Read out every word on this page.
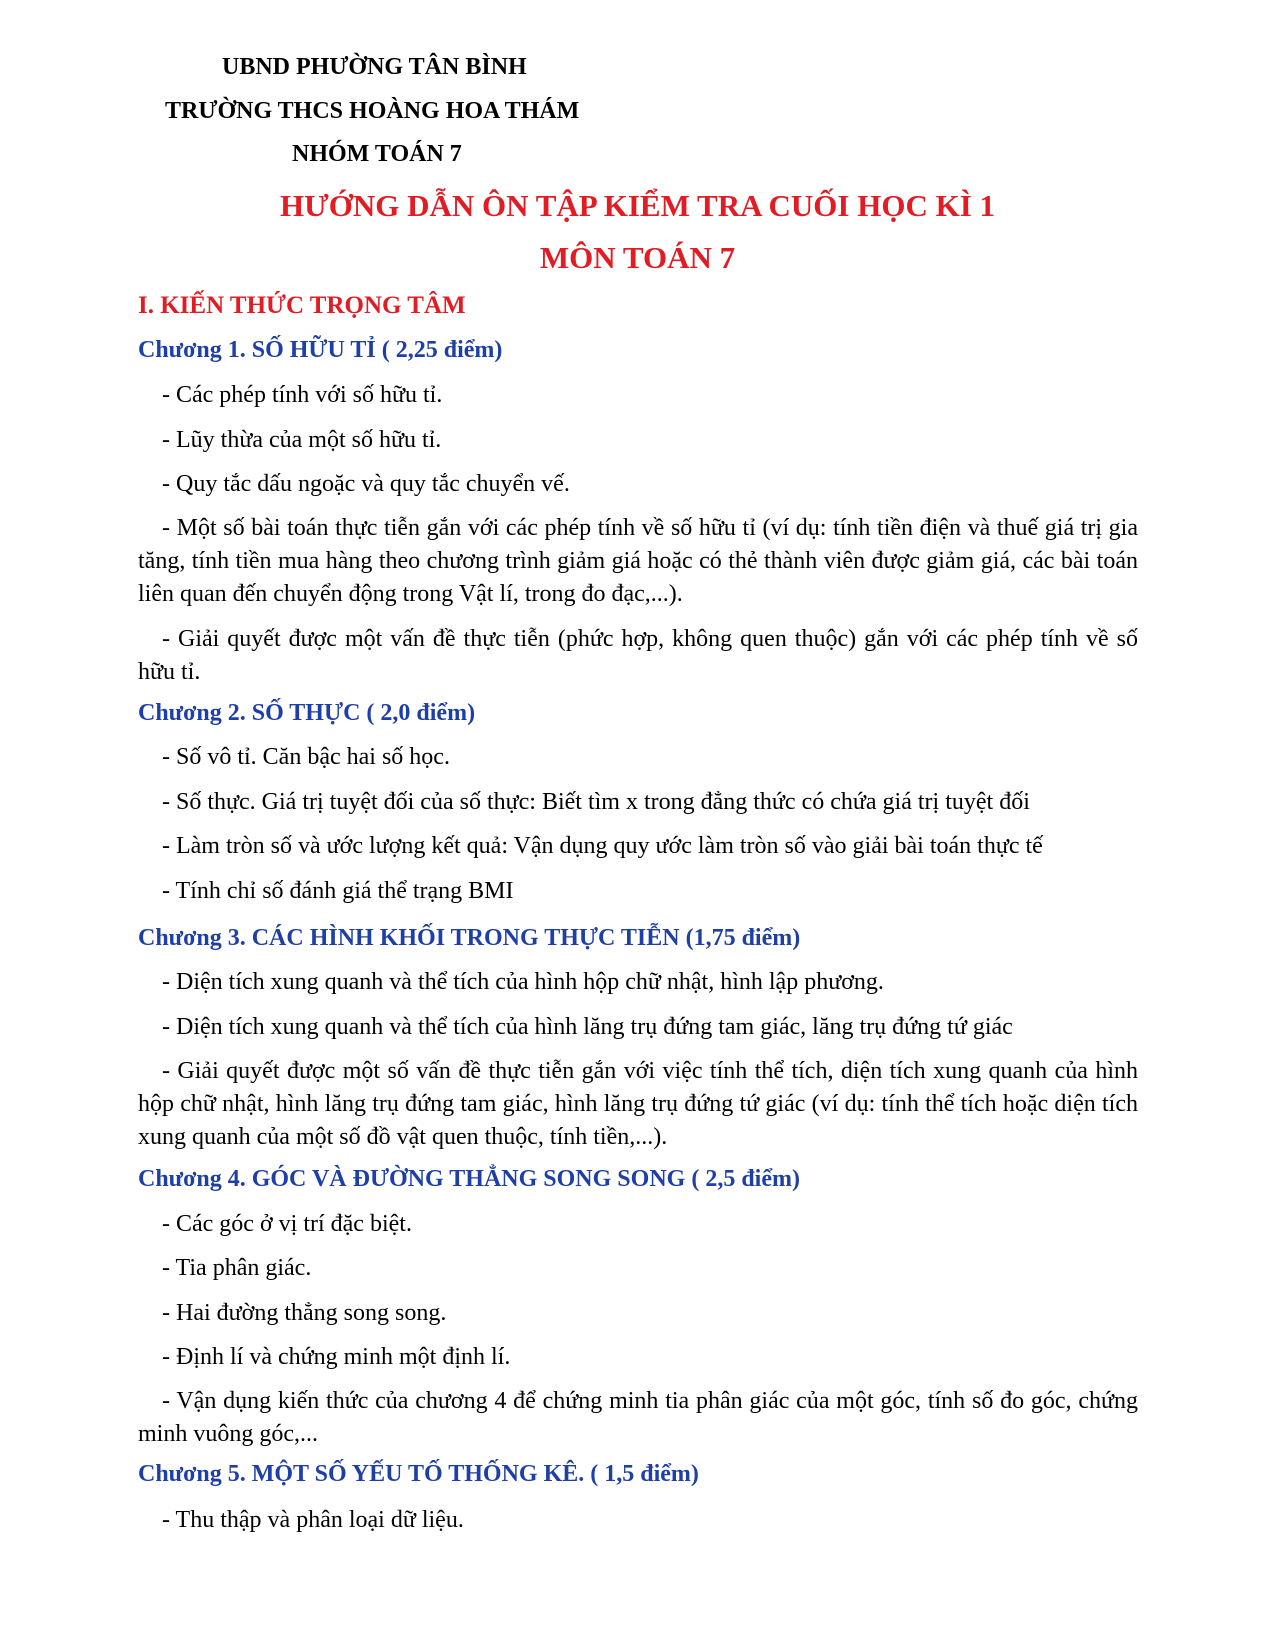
UBND PHƯỜNG TÂN BÌNH
TRƯỜNG THCS HOÀNG HOA THÁM
NHÓM TOÁN 7
HƯỚNG DẪN ÔN TẬP KIỂM TRA CUỐI HỌC KÌ 1
MÔN TOÁN 7
I. KIẾN THỨC TRỌNG TÂM
Chương 1. SỐ HỮU TỈ ( 2,25 điểm)
- Các phép tính với số hữu tỉ.
- Lũy thừa của một số hữu tỉ.
- Quy tắc dấu ngoặc và quy tắc chuyển vế.
- Một số bài toán thực tiễn gắn với các phép tính về số hữu tỉ (ví dụ: tính tiền điện và thuế giá trị gia tăng, tính tiền mua hàng theo chương trình giảm giá hoặc có thẻ thành viên được giảm giá, các bài toán liên quan đến chuyển động trong Vật lí, trong đo đạc,...).
- Giải quyết được một vấn đề thực tiễn (phức hợp, không quen thuộc) gắn với các phép tính về số hữu tỉ.
Chương 2. SỐ THỰC ( 2,0 điểm)
- Số vô tỉ. Căn bậc hai số học.
- Số thực. Giá trị tuyệt đối của số thực: Biết tìm x trong đẳng thức có chứa giá trị tuyệt đối
- Làm tròn số và ước lượng kết quả: Vận dụng quy ước làm tròn số vào giải bài toán thực tế
- Tính chỉ số đánh giá thể trạng BMI
Chương 3. CÁC HÌNH KHỐI TRONG THỰC TIỄN (1,75 điểm)
- Diện tích xung quanh và thể tích của hình hộp chữ nhật, hình lập phương.
- Diện tích xung quanh và thể tích của hình lăng trụ đứng tam giác, lăng trụ đứng tứ giác
- Giải quyết được một số vấn đề thực tiễn gắn với việc tính thể tích, diện tích xung quanh của hình hộp chữ nhật, hình lăng trụ đứng tam giác, hình lăng trụ đứng tứ giác (ví dụ: tính thể tích hoặc diện tích xung quanh của một số đồ vật quen thuộc, tính tiền,...).
Chương 4. GÓC VÀ ĐƯỜNG THẲNG SONG SONG ( 2,5 điểm)
- Các góc ở vị trí đặc biệt.
- Tia phân giác.
- Hai đường thẳng song song.
- Định lí và chứng minh một định lí.
- Vận dụng kiến thức của chương 4 để chứng minh tia phân giác của một góc, tính số đo góc, chứng minh vuông góc,...
Chương 5. MỘT SỐ YẾU TỐ THỐNG KÊ. ( 1,5 điểm)
- Thu thập và phân loại dữ liệu.
